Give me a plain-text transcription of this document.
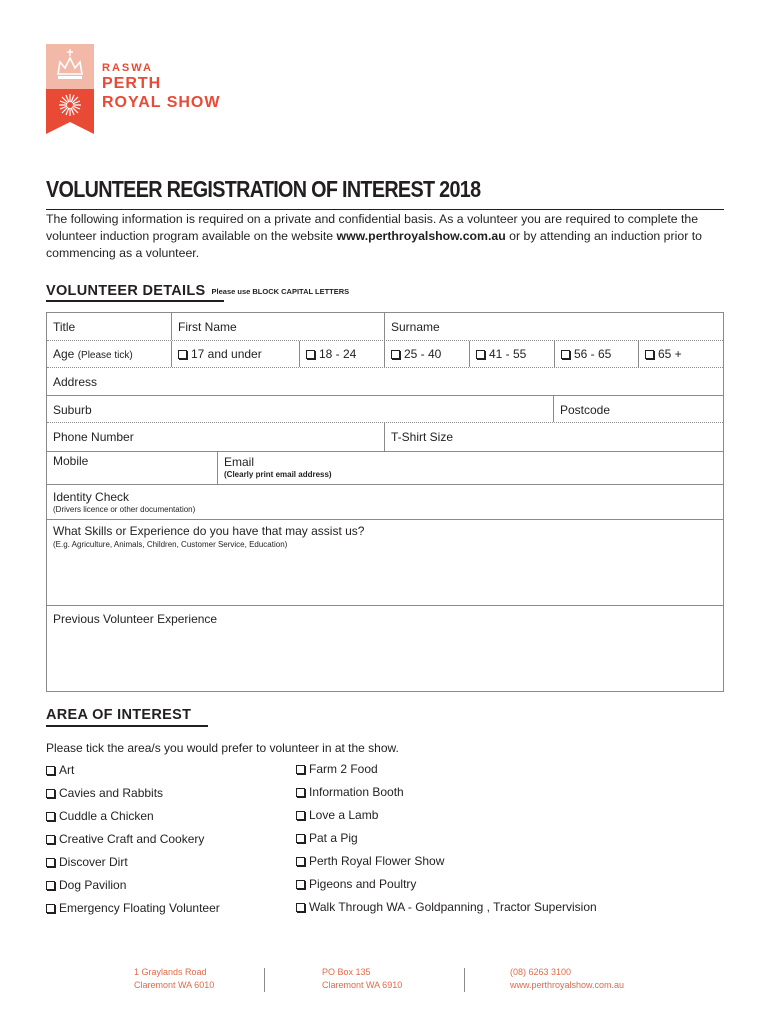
RASWA
PERTH
ROYAL SHOW
VOLUNTEER REGISTRATION OF INTEREST 2018
The following information is required on a private and confidential basis. As a volunteer you are required to complete the volunteer induction program available on the website www.perthroyalshow.com.au or by attending an induction prior to commencing as a volunteer.
VOLUNTEER DETAILS Please use BLOCK CAPITAL LETTERS
Title	First Name	Surname
Age (Please tick)	17 and under	18 - 24	25 - 40	41 - 55	56 - 65	65 +
Address
Suburb	Postcode
Phone Number	T-Shirt Size
Mobile	Email
(Clearly print email address)
Identity Check
(Drivers licence or other documentation)
What Skills or Experience do you have that may assist us?
(E.g. Agriculture, Animals, Children, Customer Service, Education)
Previous Volunteer Experience
AREA OF INTEREST
Please tick the area/s you would prefer to volunteer in at the show.
Art
Cavies and Rabbits
Cuddle a Chicken
Creative Craft and Cookery
Discover Dirt
Dog Pavilion
Emergency Floating Volunteer
Farm 2 Food
Information Booth
Love a Lamb
Pat a Pig
Perth Royal Flower Show
Pigeons and Poultry
Walk Through WA - Goldpanning , Tractor Supervision
1 Graylands Road
Claremont WA 6010
PO Box 135
Claremont WA 6910
(08) 6263 3100
www.perthroyalshow.com.au
